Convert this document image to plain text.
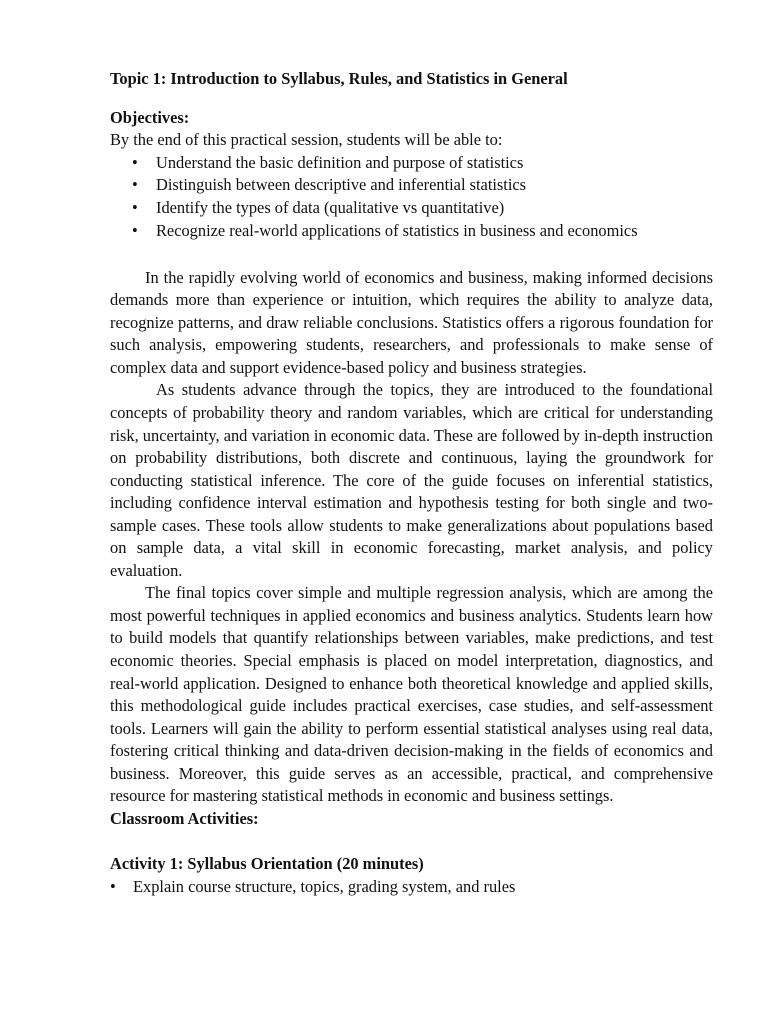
Topic 1: Introduction to Syllabus, Rules, and Statistics in General

Objectives:

By the end of this practical session, students will be able to:

• Understand the basic definition and purpose of statistics
• Distinguish between descriptive and inferential statistics
• Identify the types of data (qualitative vs quantitative)
• Recognize real-world applications of statistics in business and economics

In the rapidly evolving world of economics and business, making informed decisions demands more than experience or intuition, which requires the ability to analyze data, recognize patterns, and draw reliable conclusions. Statistics offers a rigorous foundation for such analysis, empowering students, researchers, and professionals to make sense of complex data and support evidence-based policy and business strategies.

As students advance through the topics, they are introduced to the foundational concepts of probability theory and random variables, which are critical for understanding risk, uncertainty, and variation in economic data. These are followed by in-depth instruction on probability distributions, both discrete and continuous, laying the groundwork for conducting statistical inference. The core of the guide focuses on inferential statistics, including confidence interval estimation and hypothesis testing for both single and two-sample cases. These tools allow students to make generalizations about populations based on sample data, a vital skill in economic forecasting, market analysis, and policy evaluation.

The final topics cover simple and multiple regression analysis, which are among the most powerful techniques in applied economics and business analytics. Students learn how to build models that quantify relationships between variables, make predictions, and test economic theories. Special emphasis is placed on model interpretation, diagnostics, and real-world application. Designed to enhance both theoretical knowledge and applied skills, this methodological guide includes practical exercises, case studies, and self-assessment tools. Learners will gain the ability to perform essential statistical analyses using real data, fostering critical thinking and data-driven decision-making in the fields of economics and business. Moreover, this guide serves as an accessible, practical, and comprehensive resource for mastering statistical methods in economic and business settings.

Classroom Activities:

Activity 1: Syllabus Orientation (20 minutes)

• Explain course structure, topics, grading system, and rules
